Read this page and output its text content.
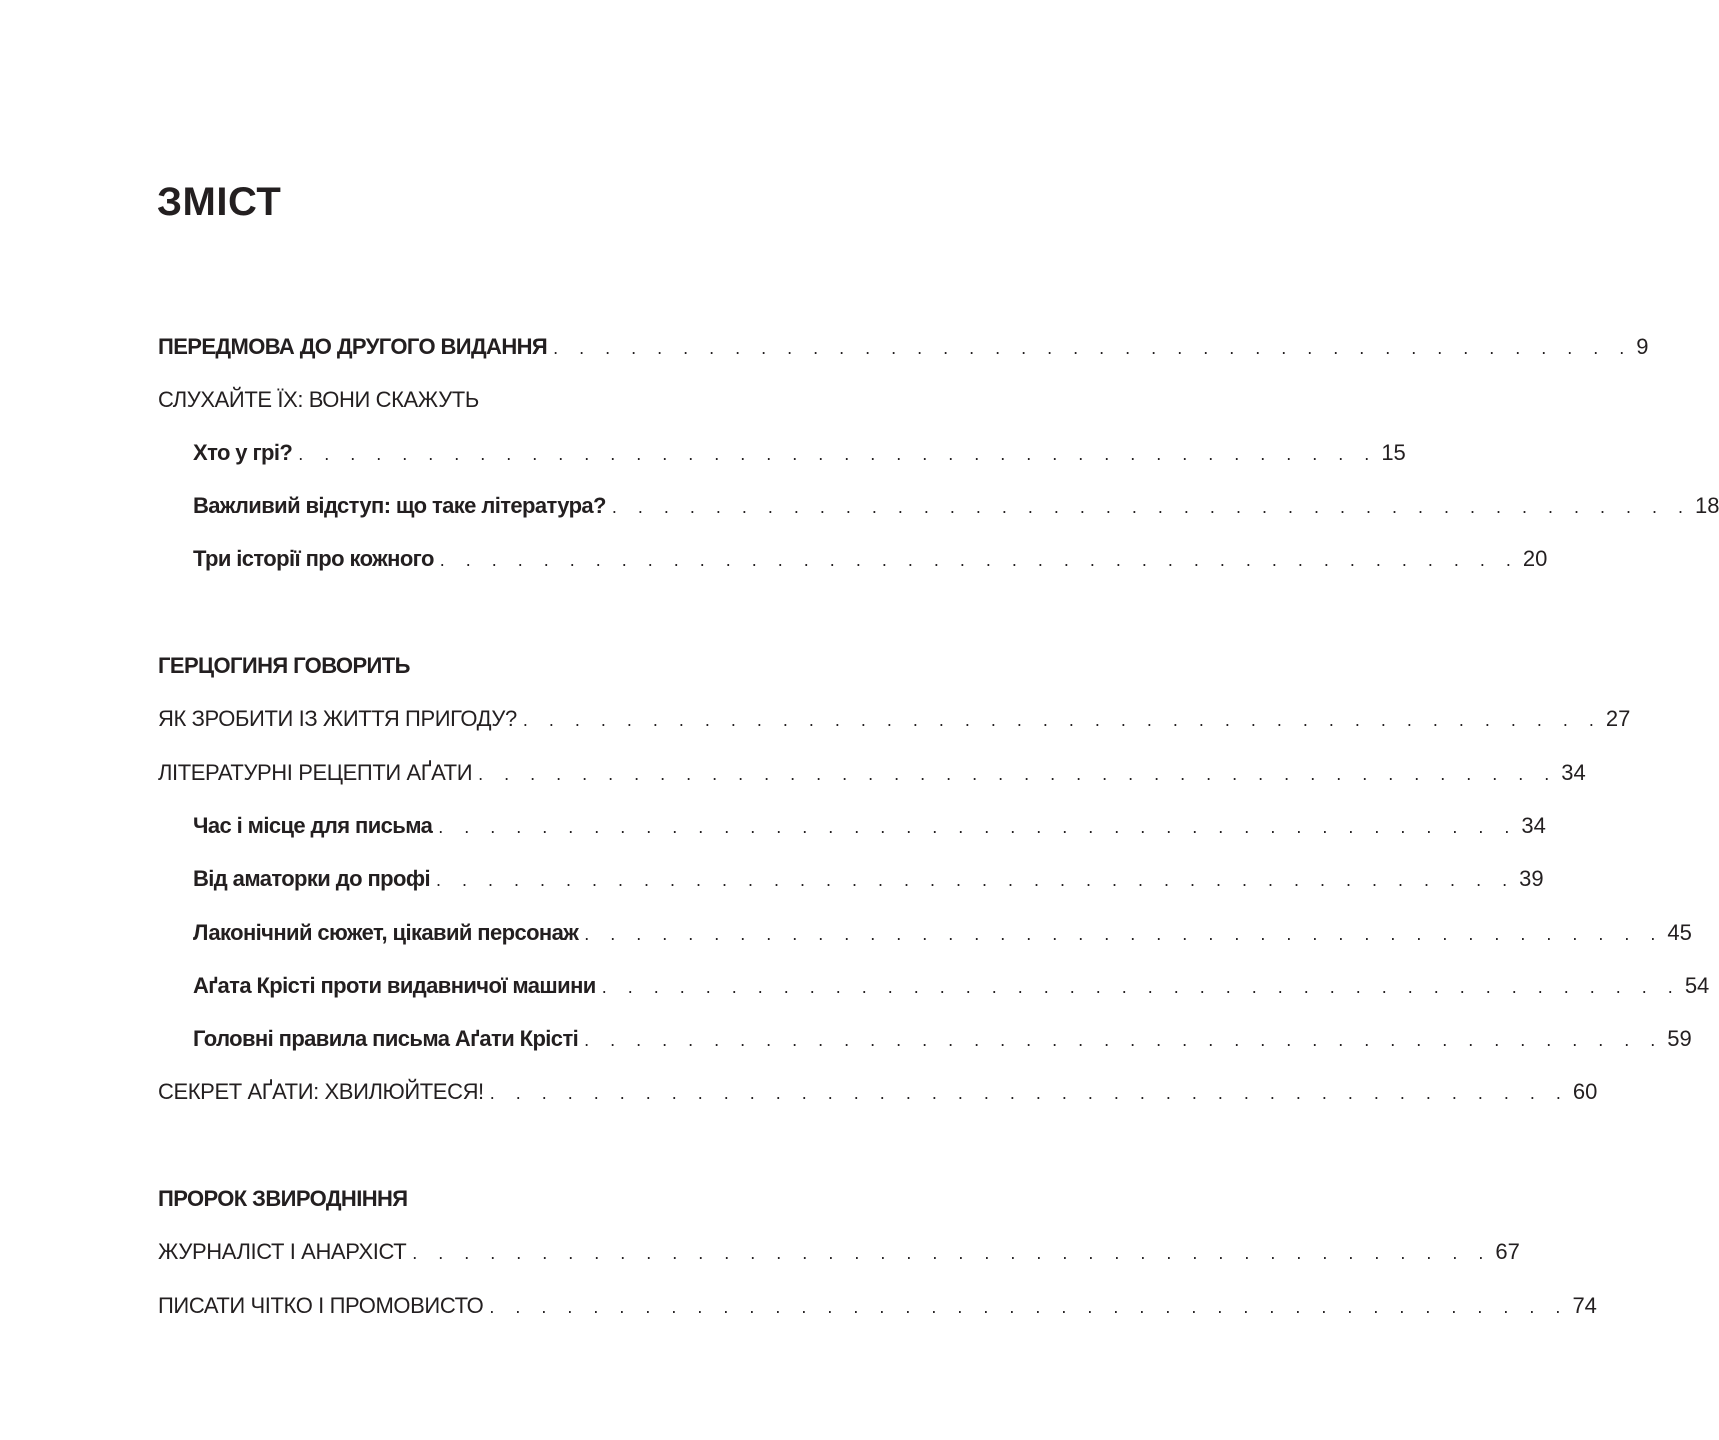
ЗМІСТ
ПЕРЕДМОВА ДО ДРУГОГО ВИДАННЯ . . . . . . . . . . . . . . . . . . . . . . . . . . . . . . . . . . . . . . . . . . 9
СЛУХАЙТЕ ЇХ: ВОНИ СКАЖУТЬ
Хто у грі? . . . . . . . . . . . . . . . . . . . . . . . . . . . . . . . . . . . . . . . . . . 15
Важливий відступ: що таке література? . . . . . . . . . . . . . . . . . . . . . . . . . . . . . . . . . . . . . . . . . . 18
Три історії про кожного . . . . . . . . . . . . . . . . . . . . . . . . . . . . . . . . . . . . . . . . . . 20
ГЕРЦОГИНЯ ГОВОРИТЬ
ЯК ЗРОБИТИ ІЗ ЖИТТЯ ПРИГОДУ? . . . . . . . . . . . . . . . . . . . . . . . . . . . . . . . . . . . . . . . . . . 27
ЛІТЕРАТУРНІ РЕЦЕПТИ АҐАТИ . . . . . . . . . . . . . . . . . . . . . . . . . . . . . . . . . . . . . . . . . . 34
Час і місце для письма . . . . . . . . . . . . . . . . . . . . . . . . . . . . . . . . . . . . . . . . . . 34
Від аматорки до профі . . . . . . . . . . . . . . . . . . . . . . . . . . . . . . . . . . . . . . . . . . 39
Лаконічний сюжет, цікавий персонаж . . . . . . . . . . . . . . . . . . . . . . . . . . . . . . . . . . . . . . . . . . 45
Аґата Крісті проти видавничої машини . . . . . . . . . . . . . . . . . . . . . . . . . . . . . . . . . . . . . . . . . . 54
Головні правила письма Аґати Крісті . . . . . . . . . . . . . . . . . . . . . . . . . . . . . . . . . . . . . . . . . . 59
СЕКРЕТ АҐАТИ: ХВИЛЮЙТЕСЯ! . . . . . . . . . . . . . . . . . . . . . . . . . . . . . . . . . . . . . . . . . . 60
ПРОРОК ЗВИРОДНІННЯ
ЖУРНАЛІСТ І АНАРХІСТ . . . . . . . . . . . . . . . . . . . . . . . . . . . . . . . . . . . . . . . . . . 67
ПИСАТИ ЧІТКО І ПРОМОВИСТО . . . . . . . . . . . . . . . . . . . . . . . . . . . . . . . . . . . . . . . . . . 74
